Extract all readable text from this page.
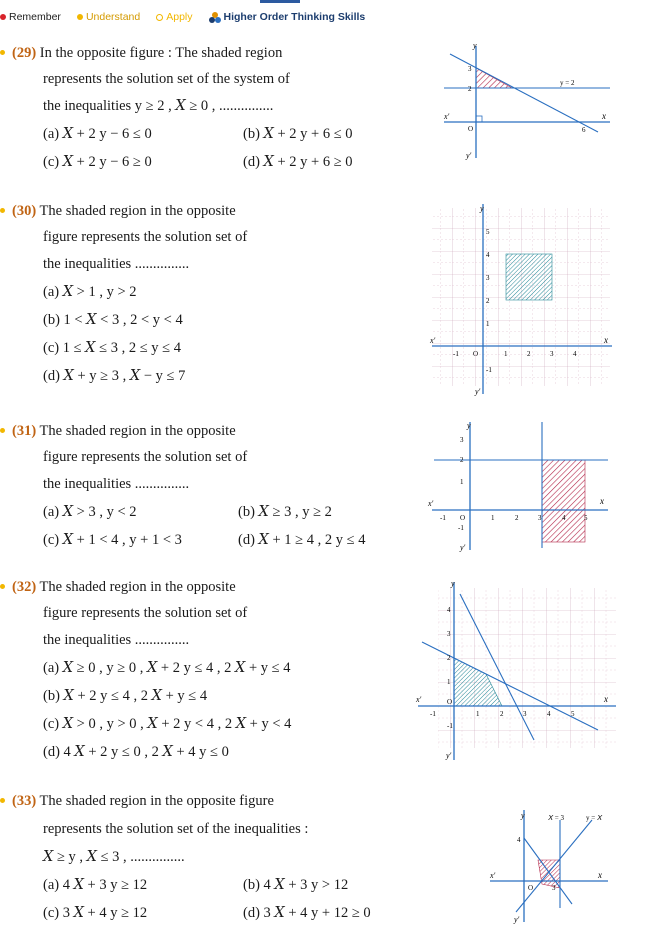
Remember Understand Apply	Higher Order Thinking Skills
(29) In the opposite figure : The shaded region
represents the solution set of the system of
the inequalities y ≥ 2 , 𝑋 ≥ 0 , ...............
(a) 𝑋 + 2 y − 6 ≤ 0	(b) 𝑋 + 2 y + 6 ≤ 0
(c) 𝑋 + 2 y − 6 ≥ 0	(d) 𝑋 + 2 y + 6 ≥ 0
y
x
x'
y'
O
2
3
6
y = 2
(30) The shaded region in the opposite
figure represents the solution set of
the inequalities ...............
(a) 𝑋 > 1 , y > 2
(b) 1 < 𝑋 < 3 , 2 < y < 4
(c) 1 ≤ 𝑋 ≤ 3 , 2 ≤ y ≤ 4
(d) 𝑋 + y ≥ 3 , 𝑋 − y ≤ 7
y
x
x'
y'
O
-1	1	2	3	4
-1
1
2
3
4
5
(31) The shaded region in the opposite
figure represents the solution set of
the inequalities ...............
(a) 𝑋 > 3 , y < 2	(b) 𝑋 ≥ 3 , y ≥ 2
(c) 𝑋 + 1 < 4 , y + 1 < 3	(d) 𝑋 + 1 ≥ 4 , 2 y ≤ 4
y
x
x'
y'
O
-1	1	2	3	4	5
-1
1
2
3
(32) The shaded region in the opposite
figure represents the solution set of
the inequalities ...............
(a) 𝑋 ≥ 0 , y ≥ 0 , 𝑋 + 2 y ≤ 4 , 2 𝑋 + y ≤ 4
(b) 𝑋 + 2 y ≤ 4 , 2 𝑋 + y ≤ 4
(c) 𝑋 > 0 , y > 0 , 𝑋 + 2 y < 4 , 2 𝑋 + y < 4
(d) 4 𝑋 + 2 y ≤ 0 , 2 𝑋 + 4 y ≤ 0
y
x
x'
y'
O
-1	1	2	3	4	5
-1
1
2
3
4
(33) The shaded region in the opposite figure
represents the solution set of the inequalities :
𝑋 ≥ y , 𝑋 ≤ 3 , ...............
(a) 4 𝑋 + 3 y ≥ 12	(b) 4 𝑋 + 3 y > 12
(c) 3 𝑋 + 4 y ≥ 12	(d) 3 𝑋 + 4 y + 12 ≥ 0
y
x
x'
y'
O	3
4
𝑋 = 3	y = 𝑋
